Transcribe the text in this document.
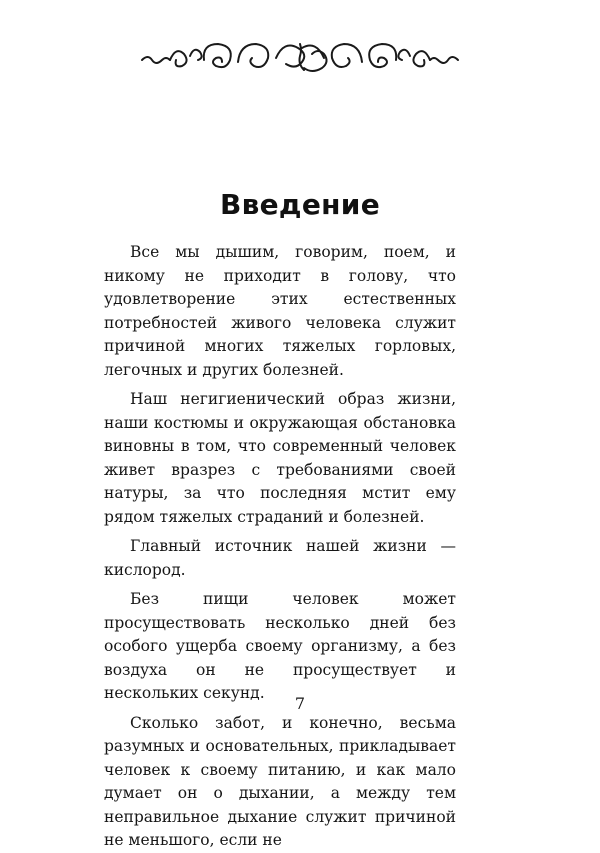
Введение

Все мы дышим, говорим, поем, и никому не приходит в голову, что удовлетворение этих естественных потребностей живого человека служит причиной многих тяжелых горловых, легочных и других болезней.

Наш негигиенический образ жизни, наши костюмы и окружающая обстановка виновны в том, что современный человек живет вразрез с требованиями своей натуры, за что последняя мстит ему рядом тяжелых страданий и болезней.

Главный источник нашей жизни — кислород.

Без пищи человек может просуществовать несколько дней без особого ущерба своему организму, а без воздуха он не просуществует и нескольких секунд.

Сколько забот, и конечно, весьма разумных и основательных, прикладывает человек к своему питанию, и как мало думает он о дыхании, а между тем неправильное дыхание служит причиной не меньшого, если не

7
